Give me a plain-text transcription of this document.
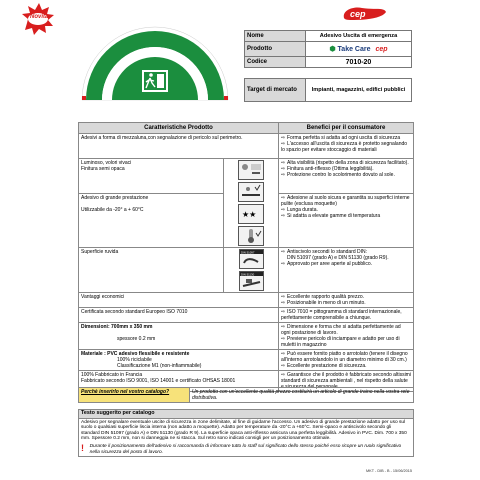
Novità	cep
Nome	Adesivo Uscita di emergenza
Prodotto	⬢ Take Care cep
Codice	7010-20

Target di mercato	Impianti, magazzini, edifici pubblici
Caratteristiche Prodotto		Benefici per il consumatore

Adesivi a forma di mezzaluna,con segnalazione di pericolo sul perimetro.		⇨ Forma perfetta si adatta ad ogni uscita di sicurezza
⇨ L'accesso all'uscita di sicurezza è protetto segnalando lo spazio per evitare stoccaggio di materiali

Luminoso, volori vivaci
Finitura semi opaca	★★	⇨ Alta visibilità (rispetto della zona di sicurezza facilitato).
⇨ Finitura anti-riflesso (Ottima leggibilità).
⇨ Protezione contro lo scolorimento dovuto al sole.

Adesivo di grande prestazione
Utilizzabile da -20° a + 60°C		⇨ Adesione al suolo sicura e garantita su superfici interne pulite (esclusa moquette)
⇨ Lunga durata.
⇨ Si adatta a elevate gamme di temperatura

Superficie ruvida	DIN 51097

DIN 51130	⇨ Antiscivolo secondi lo standard DIN:
DIN 51097 (grado A) e DIN 51130 (grado R9).
⇨ Approvato per aree aperte al pubblico.

Vantaggi economici		⇨ Eccellente rapporto qualità prezzo.
⇨ Posizionabile in meno di un minuto.

Certificata secondo standard Europeo ISO 7010		⇨ ISO 7010 = pittogramma di standard internazionale, perfettamente comprensibile a chiunque.

Dimensioni: 700mm x 350 mm
spessore 0.2 mm		⇨ Dimensione e forma che si adatta perfettamente ad ogni postazione di lavoro.
⇨ Previene pericolo di inciampare e adatto per uso di muletti in magazzino

Materiale : PVC adesivo flessibile e resistente
100% riciclabile
Classificazione M1 (non-infiammabile)		⇨ Può essere fornito piatto o arrotolato (tenere il disegno all'interno arrotolandolo in un diametro minimo di 30 cm.)
⇨ Eccellente prestazione di sicurezza.

100% Fabbricato in Francia
Fabbricato secondo ISO 9001, ISO 14001 e certificato OHSAS 18001		⇨ Garantisce che il prodotto è fabbricato secondo altissimi standard di sicurezza ambientali , nel rispetto della salute e sicurezza del personale.
Perchè inserirlo nel vostro catalogo?	Un prodotto con un'eccellente qualità prezzo costituirà un articolo di grande traino nella vostra rete distributiva.
Testo suggerito per catalogo

Adesivo per segnalare eventuale uscite di sicurezza in zone delimitate, al fine di guidarne l'accesso. Un adesivo di grande prestazione adatto per uso sul suolo o qualsiasi superficie liscia interna (non adatto a moquette). Adatto per temperature da -20°C a +60°C. Semi-opaco e antiscivolo secondo gli standard DIN 51097 (grado A) e DIN 51130 (grado R 9). La superficie opaca anti-riflesso assicura una perfetta leggibilità. Adesivo in PVC. Dim. 700 x 350 mm. Spessore 0.2 mm, non si danneggia ne si stacca. Sul retro sono indicati consigli per un posizionamento ottimale.
!	Durante il posizionamento dell'adesivo si raccomanda di informare tutto lo staff sul significato dello stesso poiché esso ricopre un ruolo significativo nella sicurezza del posto di lavoro.
MKT - DIB - B - 15/06/2015
